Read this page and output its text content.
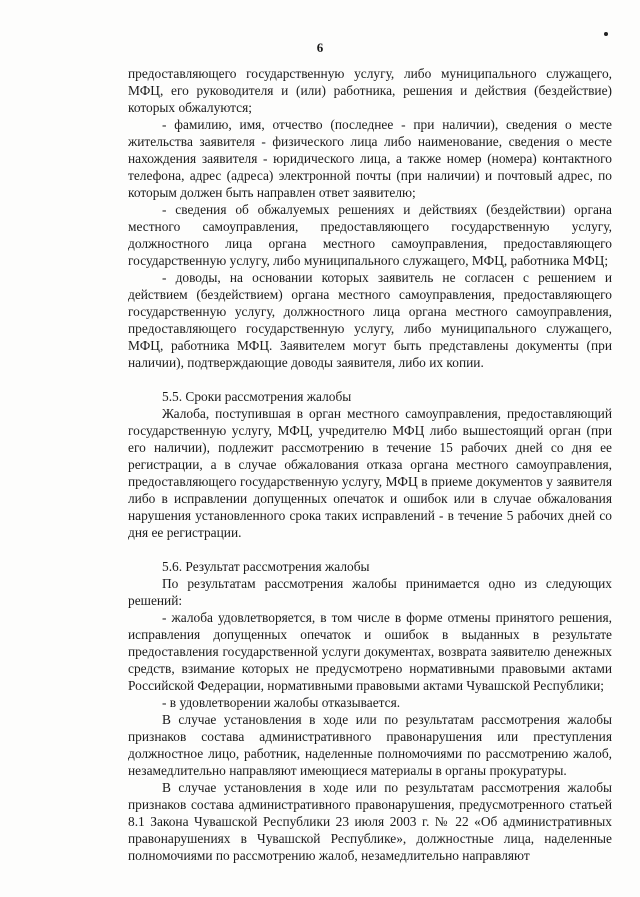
6

предоставляющего государственную услугу, либо муниципального служащего, МФЦ, его руководителя и (или) работника, решения и действия (бездействие) которых обжалуются;

- фамилию, имя, отчество (последнее - при наличии), сведения о месте жительства заявителя - физического лица либо наименование, сведения о месте нахождения заявителя - юридического лица, а также номер (номера) контактного телефона, адрес (адреса) электронной почты (при наличии) и почтовый адрес, по которым должен быть направлен ответ заявителю;

- сведения об обжалуемых решениях и действиях (бездействии) органа местного самоуправления, предоставляющего государственную услугу, должностного лица органа местного самоуправления, предоставляющего государственную услугу, либо муниципального служащего, МФЦ, работника МФЦ;

- доводы, на основании которых заявитель не согласен с решением и действием (бездействием) органа местного самоуправления, предоставляющего государственную услугу, должностного лица органа местного самоуправления, предоставляющего государственную услугу, либо муниципального служащего, МФЦ, работника МФЦ. Заявителем могут быть представлены документы (при наличии), подтверждающие доводы заявителя, либо их копии.

5.5. Сроки рассмотрения жалобы

Жалоба, поступившая в орган местного самоуправления, предоставляющий государственную услугу, МФЦ, учредителю МФЦ либо вышестоящий орган (при его наличии), подлежит рассмотрению в течение 15 рабочих дней со дня ее регистрации, а в случае обжалования отказа органа местного самоуправления, предоставляющего государственную услугу, МФЦ в приеме документов у заявителя либо в исправлении допущенных опечаток и ошибок или в случае обжалования нарушения установленного срока таких исправлений - в течение 5 рабочих дней со дня ее регистрации.

5.6. Результат рассмотрения жалобы

По результатам рассмотрения жалобы принимается одно из следующих решений:

- жалоба удовлетворяется, в том числе в форме отмены принятого решения, исправления допущенных опечаток и ошибок в выданных в результате предоставления государственной услуги документах, возврата заявителю денежных средств, взимание которых не предусмотрено нормативными правовыми актами Российской Федерации, нормативными правовыми актами Чувашской Республики;

- в удовлетворении жалобы отказывается.

В случае установления в ходе или по результатам рассмотрения жалобы признаков состава административного правонарушения или преступления должностное лицо, работник, наделенные полномочиями по рассмотрению жалоб, незамедлительно направляют имеющиеся материалы в органы прокуратуры.

В случае установления в ходе или по результатам рассмотрения жалобы признаков состава административного правонарушения, предусмотренного статьей 8.1 Закона Чувашской Республики 23 июля 2003 г. № 22 «Об административных правонарушениях в Чувашской Республике», должностные лица, наделенные полномочиями по рассмотрению жалоб, незамедлительно направляют
